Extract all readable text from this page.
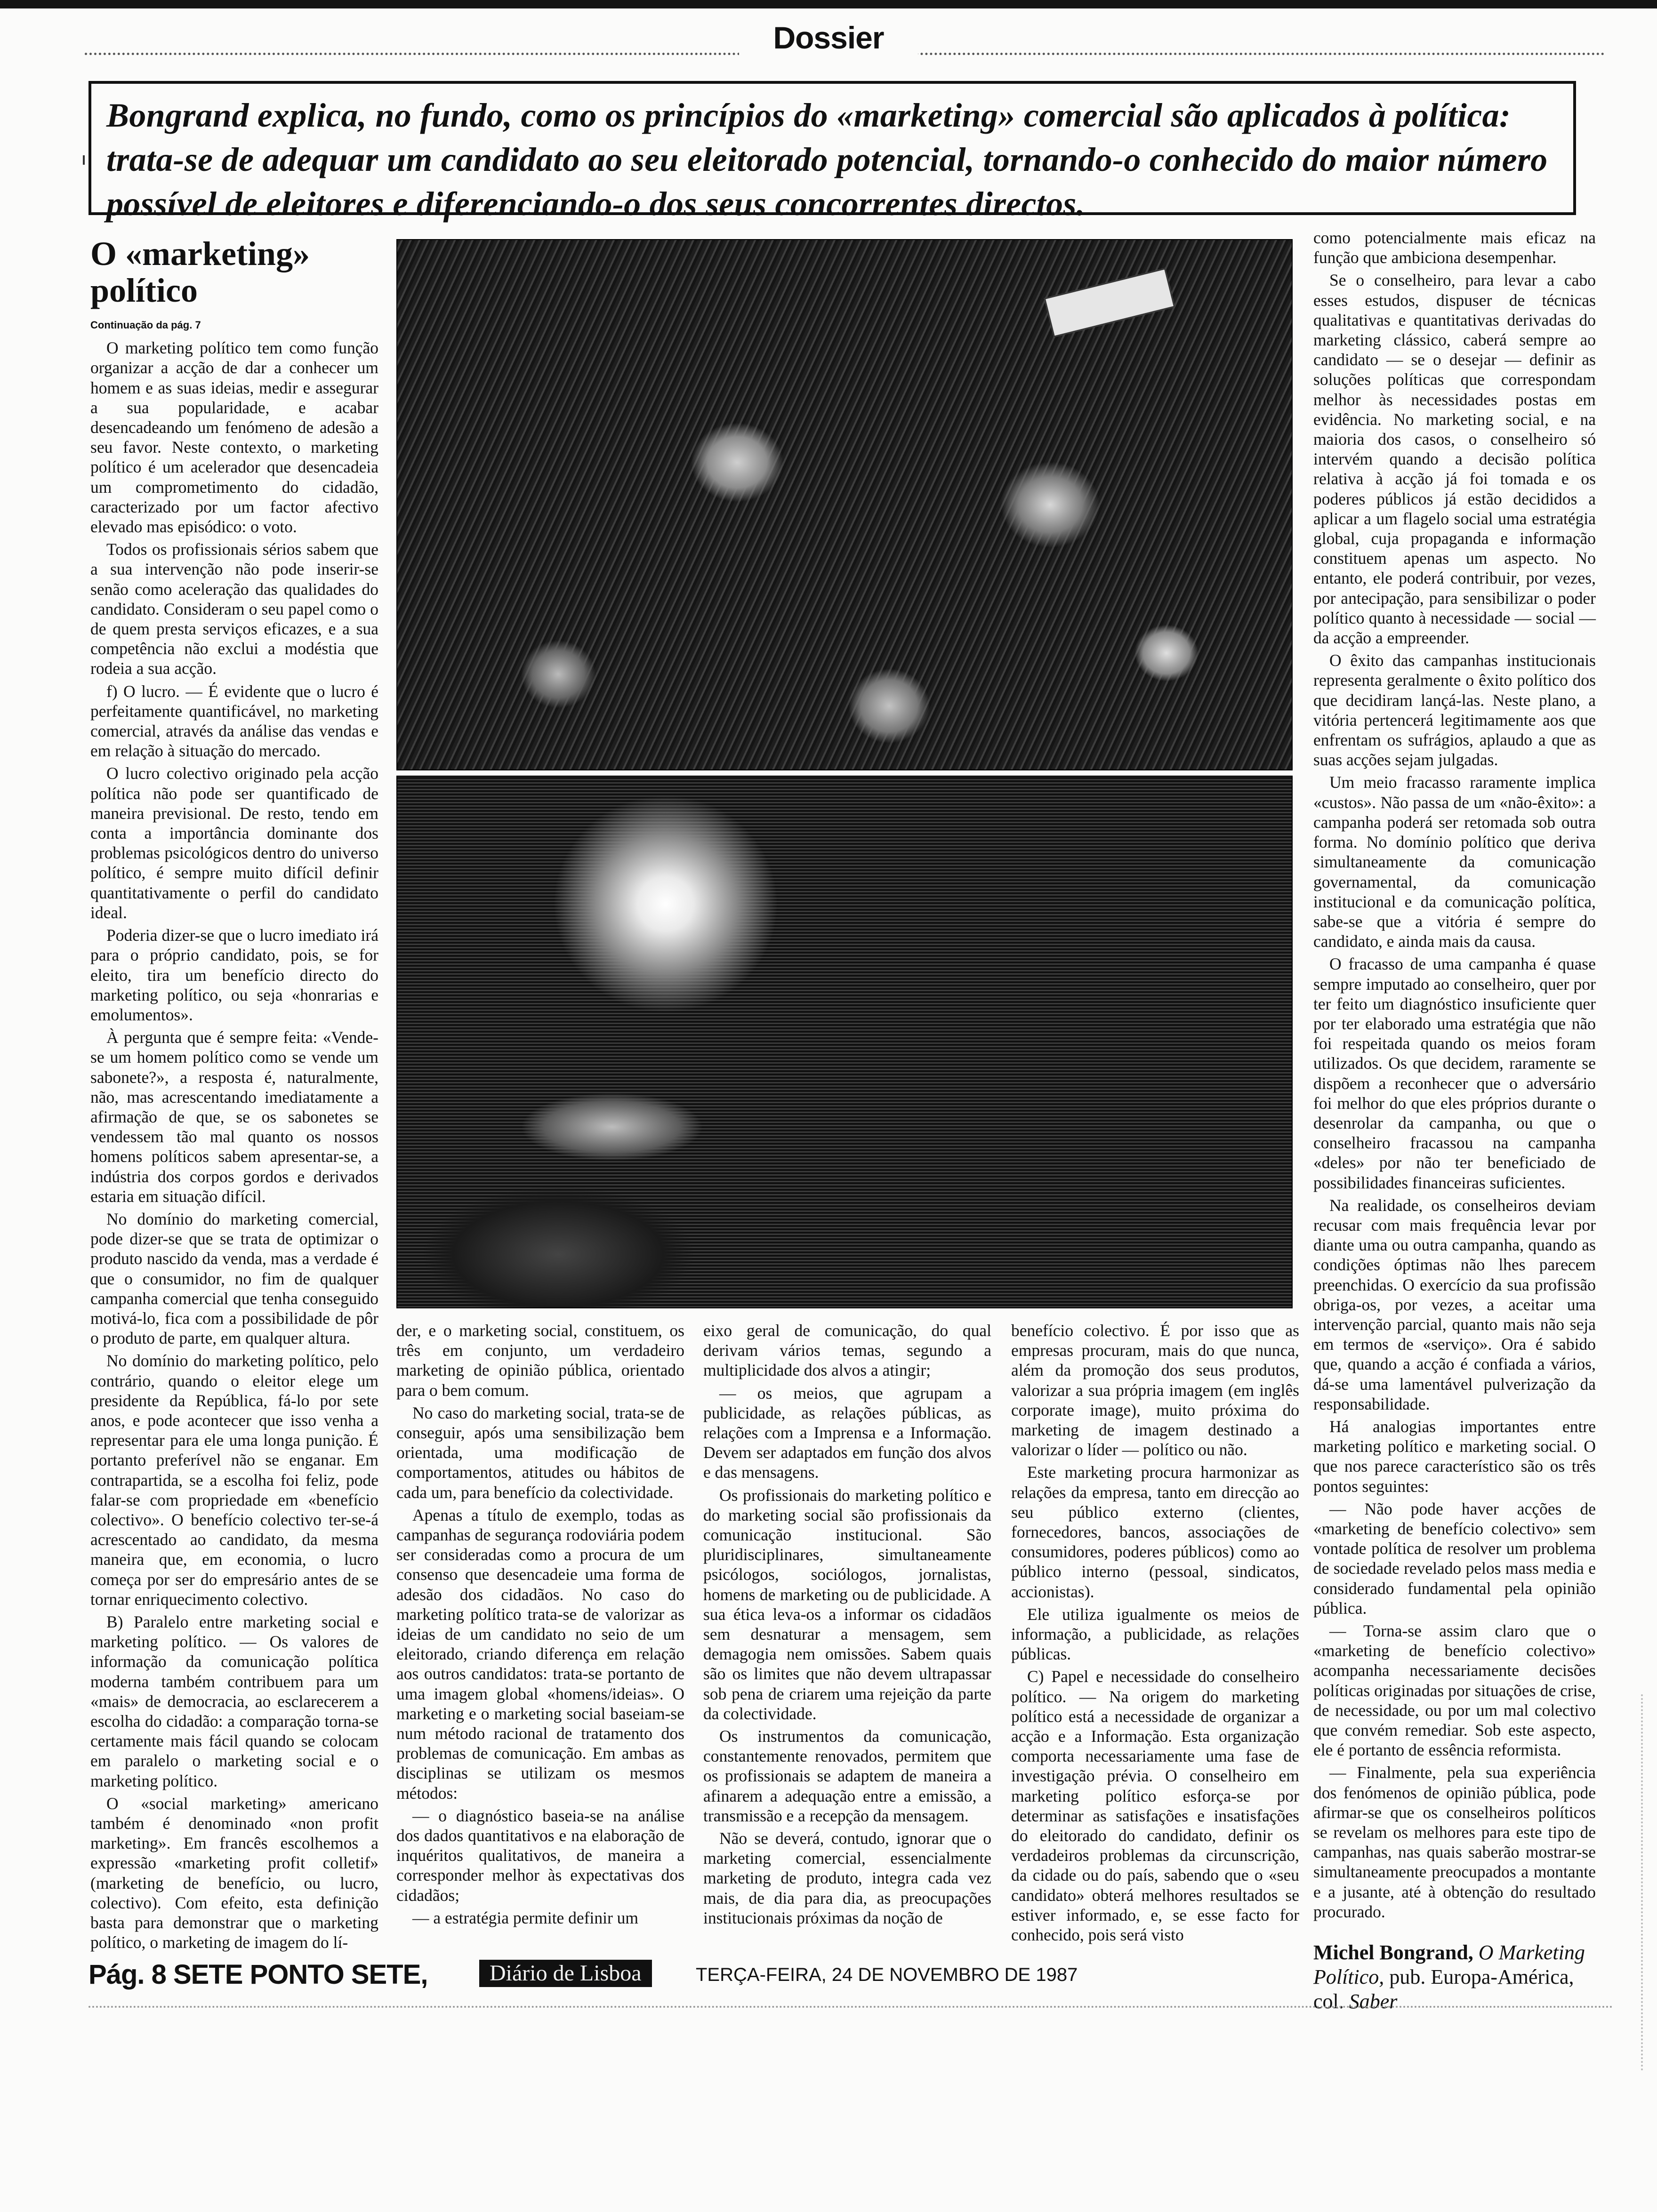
Dossier

Bongrand explica, no fundo, como os princípios do «marketing» comercial são aplicados à política: trata-se de adequar um candidato ao seu eleitorado potencial, tornando-o conhecido do maior número possível de eleitores e diferenciando-o dos seus concorrentes directos.

O «marketing» político

Continuação da pág. 7

O marketing político tem como função organizar a acção de dar a conhecer um homem e as suas ideias, medir e assegurar a sua popularidade, e acabar desencadeando um fenómeno de adesão a seu favor. Neste contexto, o marketing político é um acelerador que desencadeia um comprometimento do cidadão, caracterizado por um factor afectivo elevado mas episódico: o voto.

Todos os profissionais sérios sabem que a sua intervenção não pode inserir-se senão como aceleração das qualidades do candidato. Consideram o seu papel como o de quem presta serviços eficazes, e a sua competência não exclui a modéstia que rodeia a sua acção.

f) O lucro. — É evidente que o lucro é perfeitamente quantificável, no marketing comercial, através da análise das vendas e em relação à situação do mercado.

O lucro colectivo originado pela acção política não pode ser quantificado de maneira previsional. De resto, tendo em conta a importância dominante dos problemas psicológicos dentro do universo político, é sempre muito difícil definir quantitativamente o perfil do candidato ideal.

Poderia dizer-se que o lucro imediato irá para o próprio candidato, pois, se for eleito, tira um benefício directo do marketing político, ou seja «honrarias e emolumentos».

À pergunta que é sempre feita: «Vende-se um homem político como se vende um sabonete?», a resposta é, naturalmente, não, mas acrescentando imediatamente a afirmação de que, se os sabonetes se vendessem tão mal quanto os nossos homens políticos sabem apresentar-se, a indústria dos corpos gordos e derivados estaria em situação difícil.

No domínio do marketing comercial, pode dizer-se que se trata de optimizar o produto nascido da venda, mas a verdade é que o consumidor, no fim de qualquer campanha comercial que tenha conseguido motivá-lo, fica com a possibilidade de pôr o produto de parte, em qualquer altura.

No domínio do marketing político, pelo contrário, quando o eleitor elege um presidente da República, fá-lo por sete anos, e pode acontecer que isso venha a representar para ele uma longa punição. É portanto preferível não se enganar. Em contrapartida, se a escolha foi feliz, pode falar-se com propriedade em «benefício colectivo». O benefício colectivo ter-se-á acrescentado ao candidato, da mesma maneira que, em economia, o lucro começa por ser do empresário antes de se tornar enriquecimento colectivo.

B) Paralelo entre marketing social e marketing político. — Os valores de informação da comunicação política moderna também contribuem para um «mais» de democracia, ao esclarecerem a escolha do cidadão: a comparação torna-se certamente mais fácil quando se colocam em paralelo o marketing social e o marketing político.

O «social marketing» americano também é denominado «non profit marketing». Em francês escolhemos a expressão «marketing profit colletif» (marketing de benefício, ou lucro, colectivo). Com efeito, esta definição basta para demonstrar que o marketing político, o marketing de imagem do lí-

der, e o marketing social, constituem, os três em conjunto, um verdadeiro marketing de opinião pública, orientado para o bem comum.

No caso do marketing social, trata-se de conseguir, após uma sensibilização bem orientada, uma modificação de comportamentos, atitudes ou hábitos de cada um, para benefício da colectividade.

Apenas a título de exemplo, todas as campanhas de segurança rodoviária podem ser consideradas como a procura de um consenso que desencadeie uma forma de adesão dos cidadãos. No caso do marketing político trata-se de valorizar as ideias de um candidato no seio de um eleitorado, criando diferença em relação aos outros candidatos: trata-se portanto de uma imagem global «homens/ideias». O marketing e o marketing social baseiam-se num método racional de tratamento dos problemas de comunicação. Em ambas as disciplinas se utilizam os mesmos métodos:

— o diagnóstico baseia-se na análise dos dados quantitativos e na elaboração de inquéritos qualitativos, de maneira a corresponder melhor às expectativas dos cidadãos;

— a estratégia permite definir um

eixo geral de comunicação, do qual derivam vários temas, segundo a multiplicidade dos alvos a atingir;

— os meios, que agrupam a publicidade, as relações públicas, as relações com a Imprensa e a Informação. Devem ser adaptados em função dos alvos e das mensagens.

Os profissionais do marketing político e do marketing social são profissionais da comunicação institucional. São pluridisciplinares, simultaneamente psicólogos, sociólogos, jornalistas, homens de marketing ou de publicidade. A sua ética leva-os a informar os cidadãos sem desnaturar a mensagem, sem demagogia nem omissões. Sabem quais são os limites que não devem ultrapassar sob pena de criarem uma rejeição da parte da colectividade.

Os instrumentos da comunicação, constantemente renovados, permitem que os profissionais se adaptem de maneira a afinarem a adequação entre a emissão, a transmissão e a recepção da mensagem.

Não se deverá, contudo, ignorar que o marketing comercial, essencialmente marketing de produto, integra cada vez mais, de dia para dia, as preocupações institucionais próximas da noção de

benefício colectivo. É por isso que as empresas procuram, mais do que nunca, além da promoção dos seus produtos, valorizar a sua própria imagem (em inglês corporate image), muito próxima do marketing de imagem destinado a valorizar o líder — político ou não.

Este marketing procura harmonizar as relações da empresa, tanto em direcção ao seu público externo (clientes, fornecedores, bancos, associações de consumidores, poderes públicos) como ao público interno (pessoal, sindicatos, accionistas).

Ele utiliza igualmente os meios de informação, a publicidade, as relações públicas.

C) Papel e necessidade do conselheiro político. — Na origem do marketing político está a necessidade de organizar a acção e a Informação. Esta organização comporta necessariamente uma fase de investigação prévia. O conselheiro em marketing político esforça-se por determinar as satisfações e insatisfações do eleitorado do candidato, definir os verdadeiros problemas da circunscrição, da cidade ou do país, sabendo que o «seu candidato» obterá melhores resultados se estiver informado, e, se esse facto for conhecido, pois será visto

como potencialmente mais eficaz na função que ambiciona desempenhar.

Se o conselheiro, para levar a cabo esses estudos, dispuser de técnicas qualitativas e quantitativas derivadas do marketing clássico, caberá sempre ao candidato — se o desejar — definir as soluções políticas que correspondam melhor às necessidades postas em evidência. No marketing social, e na maioria dos casos, o conselheiro só intervém quando a decisão política relativa à acção já foi tomada e os poderes públicos já estão decididos a aplicar a um flagelo social uma estratégia global, cuja propaganda e informação constituem apenas um aspecto. No entanto, ele poderá contribuir, por vezes, por antecipação, para sensibilizar o poder político quanto à necessidade — social — da acção a empreender.

O êxito das campanhas institucionais representa geralmente o êxito político dos que decidiram lançá-las. Neste plano, a vitória pertencerá legitimamente aos que enfrentam os sufrágios, aplaudo a que as suas acções sejam julgadas.

Um meio fracasso raramente implica «custos». Não passa de um «não-êxito»: a campanha poderá ser retomada sob outra forma. No domínio político que deriva simultaneamente da comunicação governamental, da comunicação institucional e da comunicação política, sabe-se que a vitória é sempre do candidato, e ainda mais da causa.

O fracasso de uma campanha é quase sempre imputado ao conselheiro, quer por ter feito um diagnóstico insuficiente quer por ter elaborado uma estratégia que não foi respeitada quando os meios foram utilizados. Os que decidem, raramente se dispõem a reconhecer que o adversário foi melhor do que eles próprios durante o desenrolar da campanha, ou que o conselheiro fracassou na campanha «deles» por não ter beneficiado de possibilidades financeiras suficientes.

Na realidade, os conselheiros deviam recusar com mais frequência levar por diante uma ou outra campanha, quando as condições óptimas não lhes parecem preenchidas. O exercício da sua profissão obriga-os, por vezes, a aceitar uma intervenção parcial, quanto mais não seja em termos de «serviço». Ora é sabido que, quando a acção é confiada a vários, dá-se uma lamentável pulverização da responsabilidade.

Há analogias importantes entre marketing político e marketing social. O que nos parece característico são os três pontos seguintes:

— Não pode haver acções de «marketing de benefício colectivo» sem vontade política de resolver um problema de sociedade revelado pelos mass media e considerado fundamental pela opinião pública.

— Torna-se assim claro que o «marketing de benefício colectivo» acompanha necessariamente decisões políticas originadas por situações de crise, de necessidade, ou por um mal colectivo que convém remediar. Sob este aspecto, ele é portanto de essência reformista.

— Finalmente, pela sua experiência dos fenómenos de opinião pública, pode afirmar-se que os conselheiros políticos se revelam os melhores para este tipo de campanhas, nas quais saberão mostrar-se simultaneamente preocupados a montante e a jusante, até à obtenção do resultado procurado.

Michel Bongrand, O Marketing Político, pub. Europa-América, col. Saber

Pág. 8 SETE PONTO SETE,	Diário de Lisboa	TERÇA-FEIRA, 24 DE NOVEMBRO DE 1987
